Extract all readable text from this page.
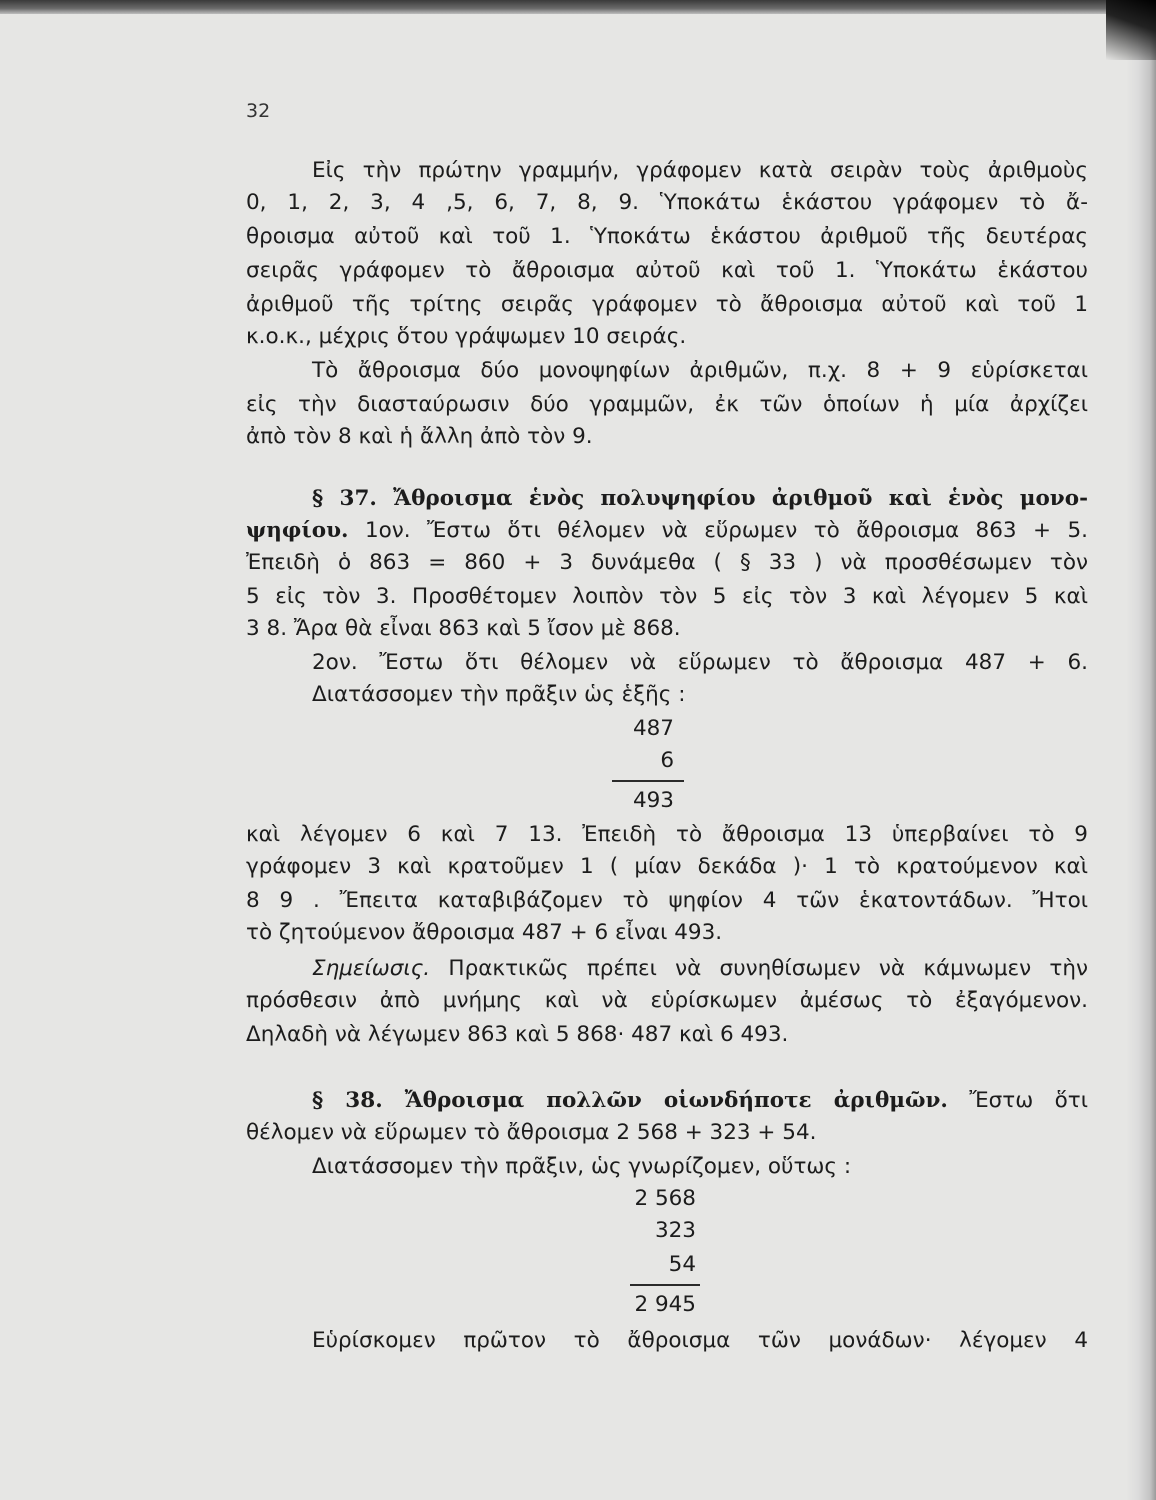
32
Εἰς τὴν πρώτην γραμμήν, γράφομεν κατὰ σειρὰν τοὺς ἀριθμοὺς
0, 1, 2, 3, 4 ,5, 6, 7, 8, 9. Ὑποκάτω ἑκάστου γράφομεν τὸ ἄ-
θροισμα αὐτοῦ καὶ τοῦ 1. Ὑποκάτω ἑκάστου ἀριθμοῦ τῆς δευτέρας
σειρᾶς γράφομεν τὸ ἄθροισμα αὐτοῦ καὶ τοῦ 1. Ὑποκάτω ἑκάστου
ἀριθμοῦ τῆς τρίτης σειρᾶς γράφομεν τὸ ἄθροισμα αὐτοῦ καὶ τοῦ 1
κ.ο.κ., μέχρις ὅτου γράψωμεν 10 σειράς.
Τὸ ἄθροισμα δύο μονοψηφίων ἀριθμῶν, π.χ. 8 + 9 εὑρίσκεται
εἰς τὴν διασταύρωσιν δύο γραμμῶν, ἐκ τῶν ὁποίων ἡ μία ἀρχίζει
ἀπὸ τὸν 8 καὶ ἡ ἄλλη ἀπὸ τὸν 9.
§ 37. Ἄθροισμα ἑνὸς πολυψηφίου ἀριθμοῦ καὶ ἑνὸς μονο-
ψηφίου. 1ον. Ἔστω ὅτι θέλομεν νὰ εὕρωμεν τὸ ἄθροισμα 863 + 5.
Ἐπειδὴ ὁ 863 = 860 + 3 δυνάμεθα ( § 33 ) νὰ προσθέσωμεν τὸν
5 εἰς τὸν 3. Προσθέτομεν λοιπὸν τὸν 5 εἰς τὸν 3 καὶ λέγομεν 5 καὶ
3 8. Ἄρα θὰ εἶναι 863 καὶ 5 ἴσον μὲ 868.
2ον. Ἔστω ὅτι θέλομεν νὰ εὕρωμεν τὸ ἄθροισμα 487 + 6.
Διατάσσομεν τὴν πρᾶξιν ὡς ἑξῆς :
487
6
493
καὶ λέγομεν 6 καὶ 7 13. Ἐπειδὴ τὸ ἄθροισμα 13 ὑπερβαίνει τὸ 9
γράφομεν 3 καὶ κρατοῦμεν 1 ( μίαν δεκάδα )· 1 τὸ κρατούμενον καὶ
8 9 . Ἔπειτα καταβιβάζομεν τὸ ψηφίον 4 τῶν ἑκατοντάδων. Ἤτοι
τὸ ζητούμενον ἄθροισμα 487 + 6 εἶναι 493.
Σημείωσις. Πρακτικῶς πρέπει νὰ συνηθίσωμεν νὰ κάμνωμεν τὴν
πρόσθεσιν ἀπὸ μνήμης καὶ νὰ εὑρίσκωμεν ἀμέσως τὸ ἐξαγόμενον.
Δηλαδὴ νὰ λέγωμεν 863 καὶ 5 868· 487 καὶ 6 493.
§ 38. Ἄθροισμα πολλῶν οἱωνδήποτε ἀριθμῶν. Ἔστω ὅτι
θέλομεν νὰ εὕρωμεν τὸ ἄθροισμα 2 568 + 323 + 54.
Διατάσσομεν τὴν πρᾶξιν, ὡς γνωρίζομεν, οὕτως :
2 568
323
54
2 945
Εὑρίσκομεν πρῶτον τὸ ἄθροισμα τῶν μονάδων· λέγομεν 4
